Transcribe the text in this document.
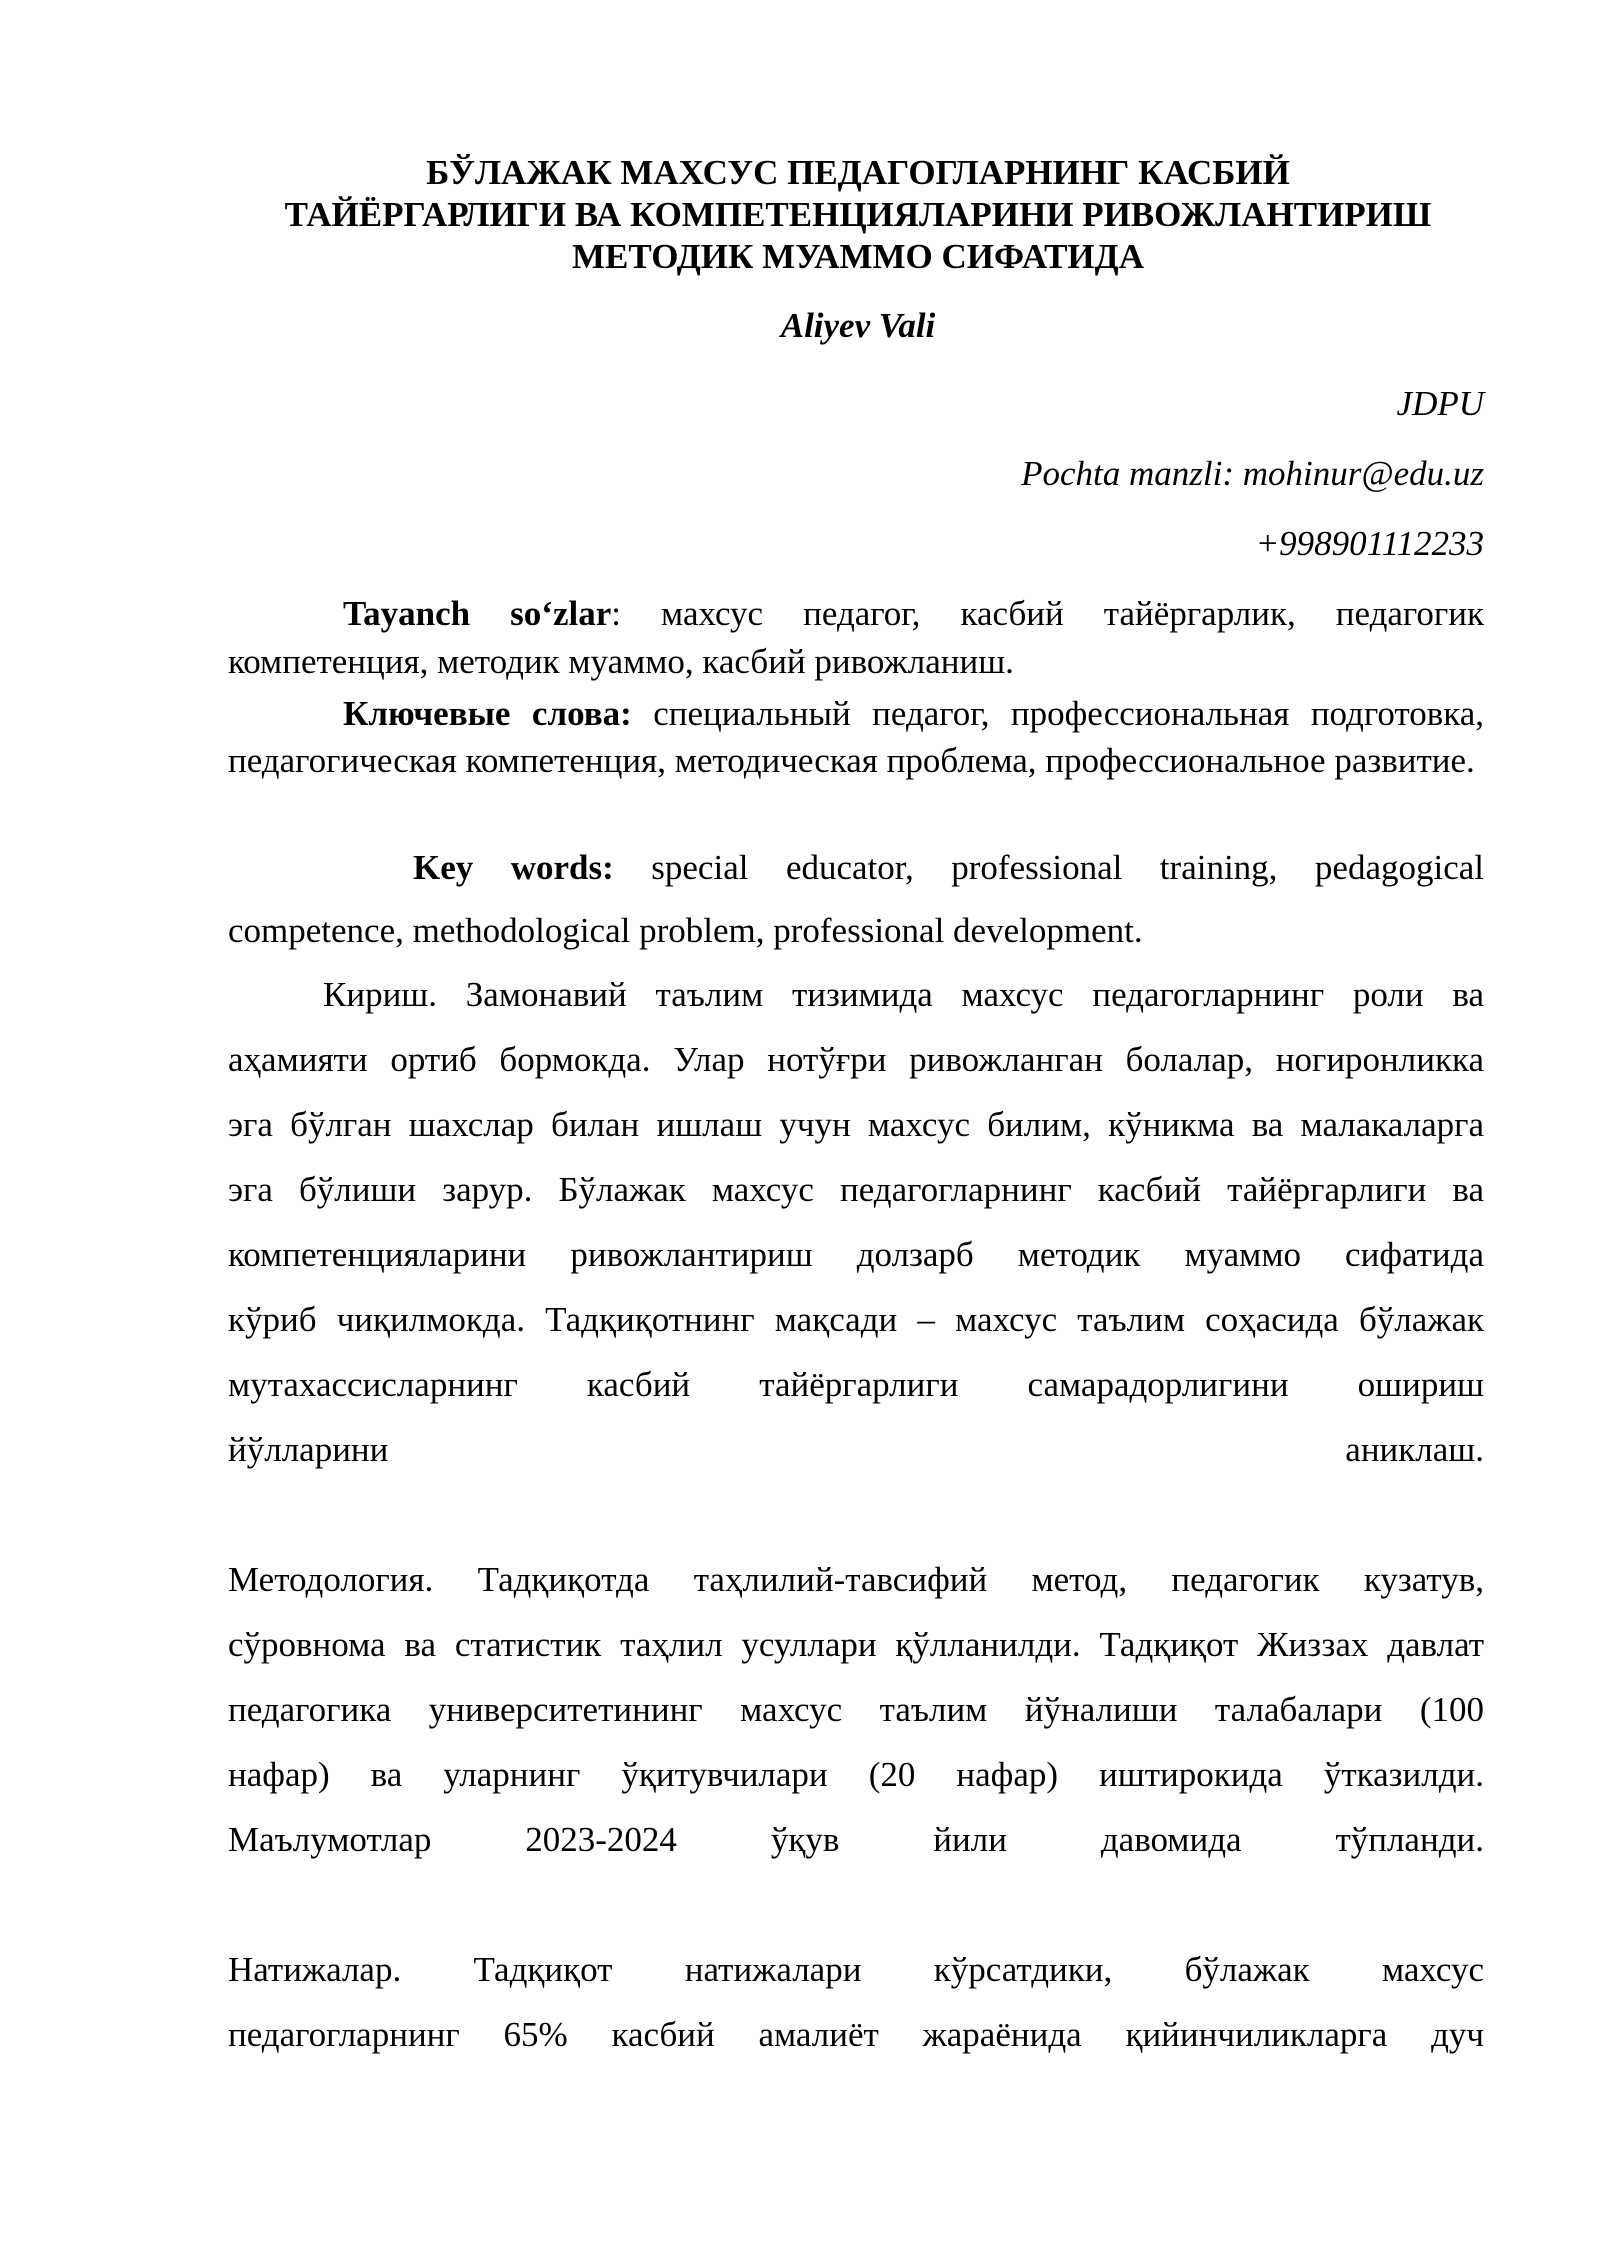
БЎЛАЖАК МАХСУС ПЕДАГОГЛАРНИНГ КАСБИЙ
ТАЙЁРГАРЛИГИ ВА КОМПЕТЕНЦИЯЛАРИНИ РИВОЖЛАНТИРИШ
МЕТОДИК МУАММО СИФАТИДА
Aliyev Vali
JDPU
Pochta manzli: mohinur@edu.uz
+998901112233
Tayanch so‘zlar: махсус педагог, касбий тайёргарлик, педагогик компетенция, методик муаммо, касбий ривожланиш.
Ключевые слова: специальный педагог, профессиональная подготовка, педагогическая компетенция, методическая проблема, профессиональное развитие.
Key words: special educator, professional training, pedagogical competence, methodological problem, professional development.
Кириш. Замонавий таълим тизимида махсус педагогларнинг роли ва
аҳамияти ортиб бормокда. Улар нотўғри ривожланган болалар, ногиронликка
эга бўлган шахслар билан ишлаш учун махсус билим, кўникма ва малакаларга
эга бўлиши зарур. Бўлажак махсус педагогларнинг касбий тайёргарлиги ва
компетенцияларини ривожлантириш долзарб методик муаммо сифатида
кўриб чиқилмокда. Тадқиқотнинг мақсади – махсус таълим соҳасида бўлажак
мутахассисларнинг касбий тайёргарлиги самарадорлигини ошириш
йўлларини аниклаш.
Методология. Тадқиқотда таҳлилий-тавсифий метод, педагогик кузатув,
сўровнома ва статистик таҳлил усуллари қўлланилди. Тадқиқот Жиззах давлат
педагогика университетининг махсус таълим йўналиши талабалари (100
нафар) ва уларнинг ўқитувчилари (20 нафар) иштирокида ўтказилди.
Маълумотлар 2023-2024 ўқув йили давомида тўпланди.
Натижалар. Тадқиқот натижалари кўрсатдики, бўлажак махсус
педагогларнинг 65% касбий амалиёт жараёнида қийинчиликларга дуч
